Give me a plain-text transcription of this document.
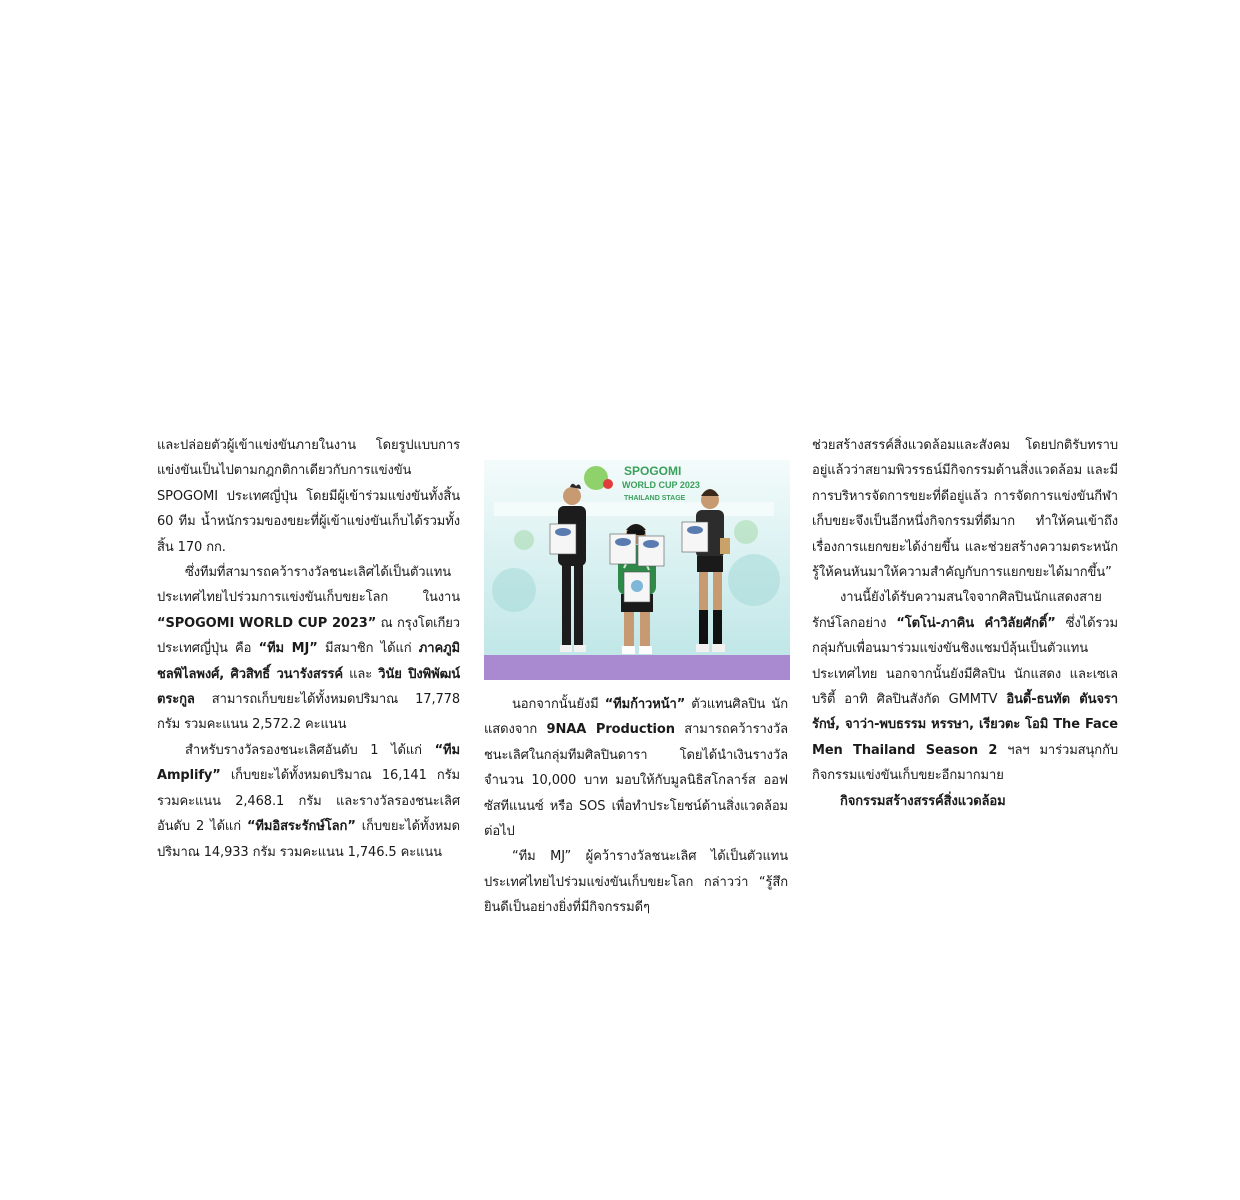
และปล่อยตัวผู้เข้าแข่งขันภายในงาน โดยรูปแบบการแข่งขันเป็นไปตามกฎกติกาเดียวกับการแข่งขัน SPOGOMI ประเทศญี่ปุ่น โดยมีผู้เข้าร่วมแข่งขันทั้งสิ้น 60 ทีม น้ำหนักรวมของขยะที่ผู้เข้าแข่งขันเก็บได้รวมทั้งสิ้น 170 กก.

ซึ่งทีมที่สามารถคว้ารางวัลชนะเลิศได้เป็นตัวแทนประเทศไทยไปร่วมการแข่งขันเก็บขยะโลก ในงาน “SPOGOMI WORLD CUP 2023” ณ กรุงโตเกียว ประเทศญี่ปุ่น คือ “ทีม MJ” มีสมาชิก ได้แก่ ภาคภูมิ ชลพิไลพงศ์, ศิวสิทธิ์ วนารังสรรค์ และ วินัย ปิงพิพัฒน์ตระกูล สามารถเก็บขยะได้ทั้งหมดปริมาณ 17,778 กรัม รวมคะแนน 2,572.2 คะแนน

สำหรับรางวัลรองชนะเลิศอันดับ 1 ได้แก่ “ทีม Amplify” เก็บขยะได้ทั้งหมดปริมาณ 16,141 กรัม รวมคะแนน 2,468.1 กรัม และรางวัลรองชนะเลิศอันดับ 2 ได้แก่ “ทีมอิสระรักษ์โลก” เก็บขยะได้ทั้งหมดปริมาณ 14,933 กรัม รวมคะแนน 1,746.5 คะแนน

SPOGOMI
WORLD CUP 2023
THAILAND STAGE

นอกจากนั้นยังมี “ทีมก้าวหน้า” ตัวแทนศิลปิน นักแสดงจาก 9NAA Production สามารถคว้ารางวัลชนะเลิศในกลุ่มทีมศิลปินดารา โดยได้นำเงินรางวัลจำนวน 10,000 บาท มอบให้กับมูลนิธิสโกลาร์ส ออฟ ซัสทีแนนซ์ หรือ SOS เพื่อทำประโยชน์ด้านสิ่งแวดล้อมต่อไป

“ทีม MJ” ผู้คว้ารางวัลชนะเลิศ ได้เป็นตัวแทนประเทศไทยไปร่วมแข่งขันเก็บขยะโลก กล่าวว่า “รู้สึกยินดีเป็นอย่างยิ่งที่มีกิจกรรมดีๆ

ช่วยสร้างสรรค์สิ่งแวดล้อมและสังคม โดยปกติรับทราบอยู่แล้วว่าสยามพิวรรธน์มีกิจกรรมด้านสิ่งแวดล้อม และมีการบริหารจัดการขยะที่ดีอยู่แล้ว การจัดการแข่งขันกีฬาเก็บขยะจึงเป็นอีกหนึ่งกิจกรรมที่ดีมาก ทำให้คนเข้าถึงเรื่องการแยกขยะได้ง่ายขึ้น และช่วยสร้างความตระหนักรู้ให้คนหันมาให้ความสำคัญกับการแยกขยะได้มากขึ้น”

งานนี้ยังได้รับความสนใจจากศิลปินนักแสดงสายรักษ์โลกอย่าง “โตโน่-ภาคิน คำวิลัยศักดิ์” ซึ่งได้รวมกลุ่มกับเพื่อนมาร่วมแข่งขันชิงแชมป์ลุ้นเป็นตัวแทนประเทศไทย นอกจากนั้นยังมีศิลปิน นักแสดง และเซเลบริตี้ อาทิ ศิลปินสังกัด GMMTV อินดี้-ธนทัต ตันจรารักษ์, จาว่า-พบธรรม หรรษา, เรียวตะ โอมิ The Face Men Thailand Season 2 ฯลฯ มาร่วมสนุกกับกิจกรรมแข่งขันเก็บขยะอีกมากมาย

กิจกรรมสร้างสรรค์สิ่งแวดล้อม
